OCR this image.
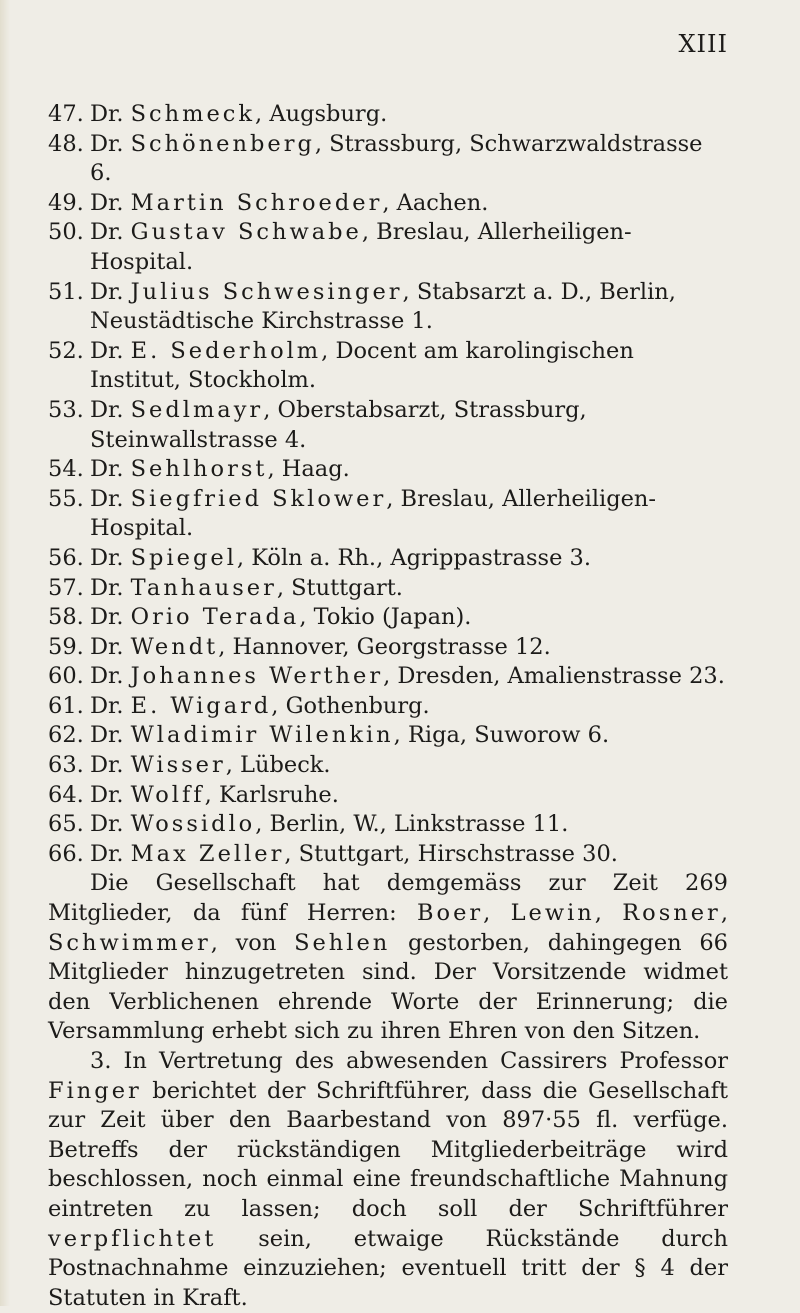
XIII
47. Dr. Schmeck, Augsburg.
48. Dr. Schönenberg, Strassburg, Schwarzwaldstrasse 6.
49. Dr. Martin Schroeder, Aachen.
50. Dr. Gustav Schwabe, Breslau, Allerheiligen-Hospital.
51. Dr. Julius Schwesinger, Stabsarzt a. D., Berlin, Neustädtische Kirchstrasse 1.
52. Dr. E. Sederholm, Docent am karolingischen Institut, Stockholm.
53. Dr. Sedlmayr, Oberstabsarzt, Strassburg, Steinwallstrasse 4.
54. Dr. Sehlhorst, Haag.
55. Dr. Siegfried Sklower, Breslau, Allerheiligen-Hospital.
56. Dr. Spiegel, Köln a. Rh., Agrippastrasse 3.
57. Dr. Tanhauser, Stuttgart.
58. Dr. Orio Terada, Tokio (Japan).
59. Dr. Wendt, Hannover, Georgstrasse 12.
60. Dr. Johannes Werther, Dresden, Amalienstrasse 23.
61. Dr. E. Wigard, Gothenburg.
62. Dr. Wladimir Wilenkin, Riga, Suworow 6.
63. Dr. Wisser, Lübeck.
64. Dr. Wolff, Karlsruhe.
65. Dr. Wossidlo, Berlin, W., Linkstrasse 11.
66. Dr. Max Zeller, Stuttgart, Hirschstrasse 30.

Die Gesellschaft hat demgemäss zur Zeit 269 Mitglieder, da fünf Herren: Boer, Lewin, Rosner, Schwimmer, von Sehlen gestorben, dahingegen 66 Mitglieder hinzugetreten sind. Der Vorsitzende widmet den Verblichenen ehrende Worte der Erinnerung; die Versammlung erhebt sich zu ihren Ehren von den Sitzen.

3. In Vertretung des abwesenden Cassirers Professor Finger berichtet der Schriftführer, dass die Gesellschaft zur Zeit über den Baarbestand von 897·55 fl. verfüge. Betreffs der rückständigen Mitgliederbeiträge wird beschlossen, noch einmal eine freundschaftliche Mahnung eintreten zu lassen; doch soll der Schriftführer verpflichtet sein, etwaige Rückstände durch Postnachnahme einzuziehen; eventuell tritt der § 4 der Statuten in Kraft.
